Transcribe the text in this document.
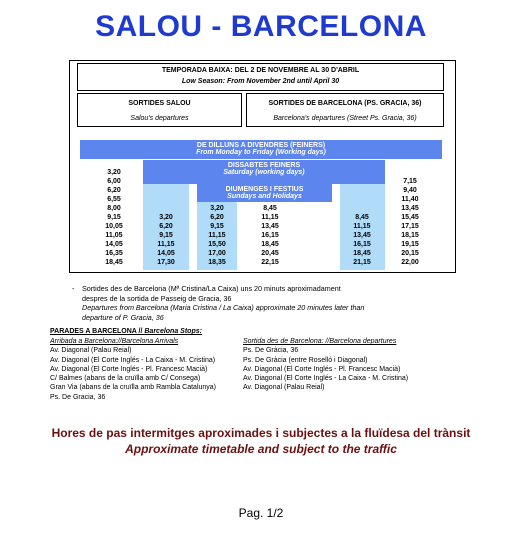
SALOU - BARCELONA
TEMPORADA BAIXA: DEL 2 DE NOVEMBRE AL 30 D'ABRIL
Low Season: From November 2nd until April 30
SORTIDES SALOU
Salou's departures
SORTIDES DE BARCELONA (PS. GRACIA, 36)
Barcelona's departures (Street Ps. Gracia, 36)
DE DILLUNS A DIVENDRES (FEINERS)
From Monday to Friday (Working days)
DISSABTES FEINERS
Saturday (working days)
DIUMENGES I FESTIUS
Sundays and Holidays
3,20
6,00
6,20
6,55
8,00
9,15
10,05
11,05
14,05
16,35
18,45
3,20
6,20
9,15
11,15
14,05
17,30
3,20
6,20
9,15
11,15
15,50
17,00
18,35
8,45
11,15
13,45
16,15
18,45
20,45
22,15
8,45
11,15
13,45
16,15
18,45
21,15
7,15
9,40
11,40
13,45
15,45
17,15
18,15
19,15
20,15
22,00
- Sortides des de Barcelona (Mª Cristina/La Caixa) uns 20 minuts aproximadament
despres de la sortida de Passeig de Gracia, 36
Departures from Barcelona (Maria Cristina / La Caixa) approximate 20 minutes later than
departure of P. Gracia, 36
PARADES A BARCELONA // Barcelona Stops:
Arribada a Barcelona://Barcelona Arrivals
Av. Diagonal (Palau Reial)
Av. Diagonal (El Corte Inglés - La Caixa - M. Cristina)
Av. Diagonal (El Corte Inglés - Pl. Francesc Macià)
C/ Balmes (abans de la cruïlla amb C/ Consega)
Gran Via (abans de la cruïlla amb Rambla Catalunya)
Ps. De Gracia, 36
Sortida des de Barcelona: //Barcelona departures
Ps. De Gràcia, 36
Ps. De Gràcia (entre Roselló i Diagonal)
Av. Diagonal (El Corte Inglés - Pl. Francesc Macià)
Av. Diagonal (El Corte Inglés - La Caixa - M. Cristina)
Av. Diagonal (Palau Reial)
Hores de pas intermitges aproximades i subjectes a la fluïdesa del trànsit
Approximate timetable and subject to the traffic
Pag. 1/2
